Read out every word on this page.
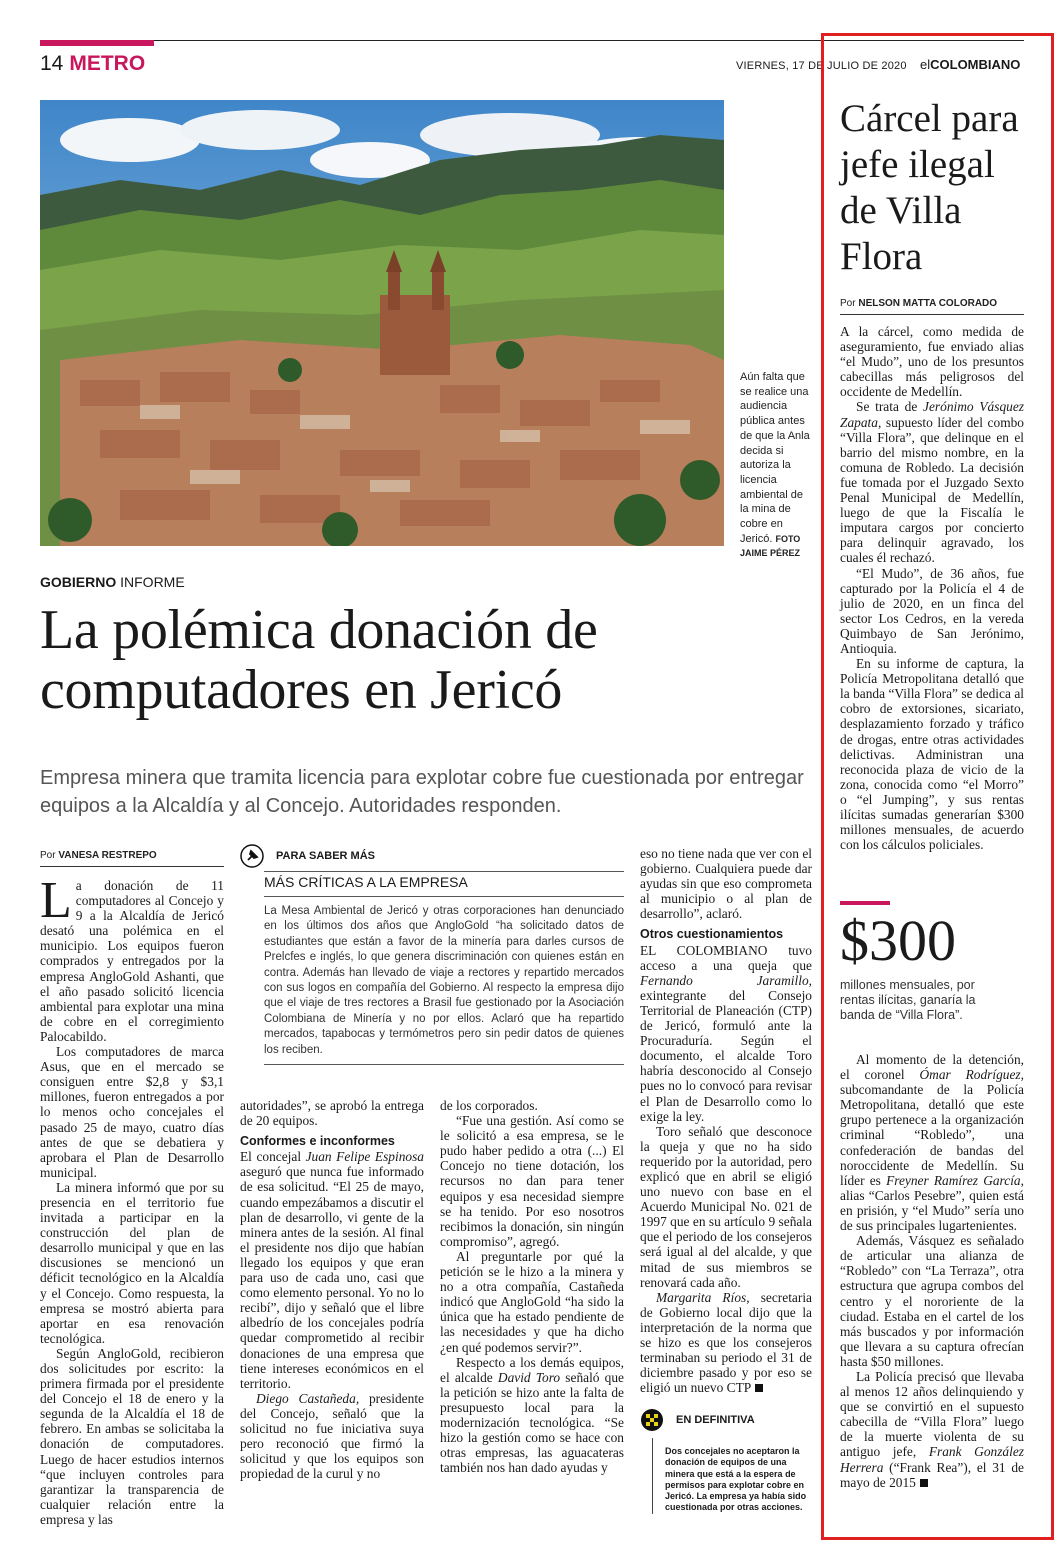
14 METRO	VIERNES, 17 DE JULIO DE 2020 elCOLOMBIANO
Aún falta que se realice una audiencia pública antes de que la Anla decida si autoriza la licencia ambiental de la mina de cobre en Jericó. FOTO JAIME PÉREZ
GOBIERNO INFORME
La polémica donación de computadores en Jericó
Empresa minera que tramita licencia para explotar cobre fue cuestionada por entregar equipos a la Alcaldía y al Concejo. Autoridades responden.
Por VANESA RESTREPO

La donación de 11 computadores al Concejo y 9 a la Alcaldía de Jericó desató una polémica en el municipio. Los equipos fueron comprados y entregados por la empresa AngloGold Ashanti, que el año pasado solicitó licencia ambiental para explotar una mina de cobre en el corregimiento Palocabildo.

Los computadores de marca Asus, que en el mercado se consiguen entre $2,8 y $3,1 millones, fueron entregados a por lo menos ocho concejales el pasado 25 de mayo, cuatro días antes de que se debatiera y aprobara el Plan de Desarrollo municipal.

La minera informó que por su presencia en el territorio fue invitada a participar en la construcción del plan de desarrollo municipal y que en las discusiones se mencionó un déficit tecnológico en la Alcaldía y el Concejo. Como respuesta, la empresa se mostró abierta para aportar en esa renovación tecnológica.

Según AngloGold, recibieron dos solicitudes por escrito: la primera firmada por el presidente del Concejo el 18 de enero y la segunda de la Alcaldía el 18 de febrero. En ambas se solicitaba la donación de computadores. Luego de hacer estudios internos “que incluyen controles para garantizar la transparencia de cualquier relación entre la empresa y las

PARA SABER MÁS
MÁS CRÍTICAS A LA EMPRESA
La Mesa Ambiental de Jericó y otras corporaciones han denunciado en los últimos dos años que AngloGold “ha solicitado datos de estudiantes que están a favor de la minería para darles cursos de Prelcfes e inglés, lo que genera discriminación con quienes están en contra. Además han llevado de viaje a rectores y repartido mercados con sus logos en compañía del Gobierno. Al respecto la empresa dijo que el viaje de tres rectores a Brasil fue gestionado por la Asociación Colombiana de Minería y no por ellos. Aclaró que ha repartido mercados, tapabocas y termómetros pero sin pedir datos de quienes los reciben.

autoridades”, se aprobó la entrega de 20 equipos.

Conformes e inconformes

El concejal Juan Felipe Espinosa aseguró que nunca fue informado de esa solicitud. “El 25 de mayo, cuando empezábamos a discutir el plan de desarrollo, vi gente de la minera antes de la sesión. Al final el presidente nos dijo que habían llegado los equipos y que eran para uso de cada uno, casi que como elemento personal. Yo no lo recibí”, dijo y señaló que el libre albedrío de los concejales podría quedar comprometido al recibir donaciones de una empresa que tiene intereses económicos en el territorio.

Diego Castañeda, presidente del Concejo, señaló que la solicitud no fue iniciativa suya pero reconoció que firmó la solicitud y que los equipos son propiedad de la curul y no

de los corporados.

“Fue una gestión. Así como se le solicitó a esa empresa, se le pudo haber pedido a otra (...) El Concejo no tiene dotación, los recursos no dan para tener equipos y esa necesidad siempre se ha tenido. Por eso nosotros recibimos la donación, sin ningún compromiso”, agregó.

Al preguntarle por qué la petición se le hizo a la minera y no a otra compañía, Castañeda indicó que AngloGold “ha sido la única que ha estado pendiente de las necesidades y que ha dicho ¿en qué podemos servir?”.

Respecto a los demás equipos, el alcalde David Toro señaló que la petición se hizo ante la falta de presupuesto local para la modernización tecnológica. “Se hizo la gestión como se hace con otras empresas, las aguacateras también nos han dado ayudas y

eso no tiene nada que ver con el gobierno. Cualquiera puede dar ayudas sin que eso comprometa al municipio o al plan de desarrollo”, aclaró.

Otros cuestionamientos

EL COLOMBIANO tuvo acceso a una queja que Fernando Jaramillo, exintegrante del Consejo Territorial de Planeación (CTP) de Jericó, formuló ante la Procuraduría. Según el documento, el alcalde Toro habría desconocido al Consejo pues no lo convocó para revisar el Plan de Desarrollo como lo exige la ley.

Toro señaló que desconoce la queja y que no ha sido requerido por la autoridad, pero explicó que en abril se eligió uno nuevo con base en el Acuerdo Municipal No. 021 de 1997 que en su artículo 9 señala que el periodo de los consejeros será igual al del alcalde, y que mitad de sus miembros se renovará cada año.

Margarita Ríos, secretaria de Gobierno local dijo que la interpretación de la norma que se hizo es que los consejeros terminaban su periodo el 31 de diciembre pasado y por eso se eligió un nuevo CTP

EN DEFINITIVA
Dos concejales no aceptaron la donación de equipos de una minera que está a la espera de permisos para explotar cobre en Jericó. La empresa ya había sido cuestionada por otras acciones.
Cárcel para jefe ilegal de Villa Flora
Por NELSON MATTA COLORADO

A la cárcel, como medida de aseguramiento, fue enviado alias “el Mudo”, uno de los presuntos cabecillas más peligrosos del occidente de Medellín.

Se trata de Jerónimo Vásquez Zapata, supuesto líder del combo “Villa Flora”, que delinque en el barrio del mismo nombre, en la comuna de Robledo. La decisión fue tomada por el Juzgado Sexto Penal Municipal de Medellín, luego de que la Fiscalía le imputara cargos por concierto para delinquir agravado, los cuales él rechazó.

“El Mudo”, de 36 años, fue capturado por la Policía el 4 de julio de 2020, en un finca del sector Los Cedros, en la vereda Quimbayo de San Jerónimo, Antioquia.

En su informe de captura, la Policía Metropolitana detalló que la banda “Villa Flora” se dedica al cobro de extorsiones, sicariato, desplazamiento forzado y tráfico de drogas, entre otras actividades delictivas. Administran una reconocida plaza de vicio de la zona, conocida como “el Morro” o “el Jumping”, y sus rentas ilícitas sumadas generarían $300 millones mensuales, de acuerdo con los cálculos policiales.

$300
millones mensuales, por rentas ilícitas, ganaría la banda de “Villa Flora”.

Al momento de la detención, el coronel Ómar Rodríguez, subcomandante de la Policía Metropolitana, detalló que este grupo pertenece a la organización criminal “Robledo”, una confederación de bandas del noroccidente de Medellín. Su líder es Freyner Ramírez García, alias “Carlos Pesebre”, quien está en prisión, y “el Mudo” sería uno de sus principales lugartenientes.

Además, Vásquez es señalado de articular una alianza de “Robledo” con “La Terraza”, otra estructura que agrupa combos del centro y el nororiente de la ciudad. Estaba en el cartel de los más buscados y por información que llevara a su captura ofrecían hasta $50 millones.

La Policía precisó que llevaba al menos 12 años delinquiendo y que se convirtió en el supuesto cabecilla de “Villa Flora” luego de la muerte violenta de su antiguo jefe, Frank González Herrera (“Frank Rea”), el 31 de mayo de 2015
